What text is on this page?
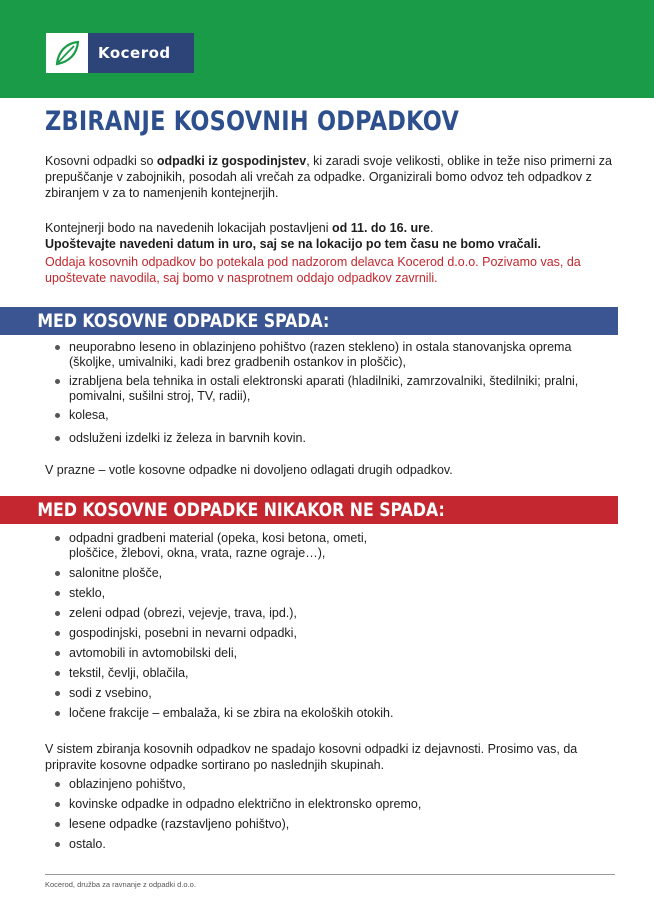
Kocerod
ZBIRANJE KOSOVNIH ODPADKOV

Kosovni odpadki so odpadki iz gospodinjstev, ki zaradi svoje velikosti, oblike in teže niso primerni za prepuščanje v zabojnikih, posodah ali vrečah za odpadke. Organizirali bomo odvoz teh odpadkov z zbiranjem v za to namenjenih kontejnerjih.

Kontejnerji bodo na navedenih lokacijah postavljeni od 11. do 16. ure.
Upoštevajte navedeni datum in uro, saj se na lokacijo po tem času ne bomo vračali.

Oddaja kosovnih odpadkov bo potekala pod nadzorom delavca Kocerod d.o.o. Pozivamo vas, da upoštevate navodila, saj bomo v nasprotnem oddajo odpadkov zavrnili.

MED KOSOVNE ODPADKE SPADA:
neuporabno leseno in oblazinjeno pohištvo (razen stekleno) in ostala stanovanjska oprema (školjke, umivalniki, kadi brez gradbenih ostankov in ploščic),
izrabljena bela tehnika in ostali elektronski aparati (hladilniki, zamrzovalniki, štedilniki; pralni, pomivalni, sušilni stroj, TV, radii),
kolesa,
odsluženi izdelki iz železa in barvnih kovin.

V prazne – votle kosovne odpadke ni dovoljeno odlagati drugih odpadkov.

MED KOSOVNE ODPADKE NIKAKOR NE SPADA:
odpadni gradbeni material (opeka, kosi betona, ometi, ploščice, žlebovi, okna, vrata, razne ograje…),
salonitne plošče,
steklo,
zeleni odpad (obrezi, vejevje, trava, ipd.),
gospodinjski, posebni in nevarni odpadki,
avtomobili in avtomobilski deli,
tekstil, čevlji, oblačila,
sodi z vsebino,
ločene frakcije – embalaža, ki se zbira na ekoloških otokih.

V sistem zbiranja kosovnih odpadkov ne spadajo kosovni odpadki iz dejavnosti. Prosimo vas, da pripravite kosovne odpadke sortirano po naslednjih skupinah.

oblazinjeno pohištvo,
kovinske odpadke in odpadno električno in elektronsko opremo,
lesene odpadke (razstavljeno pohištvo),
ostalo.

Kocerod, družba za ravnanje z odpadki d.o.o.
